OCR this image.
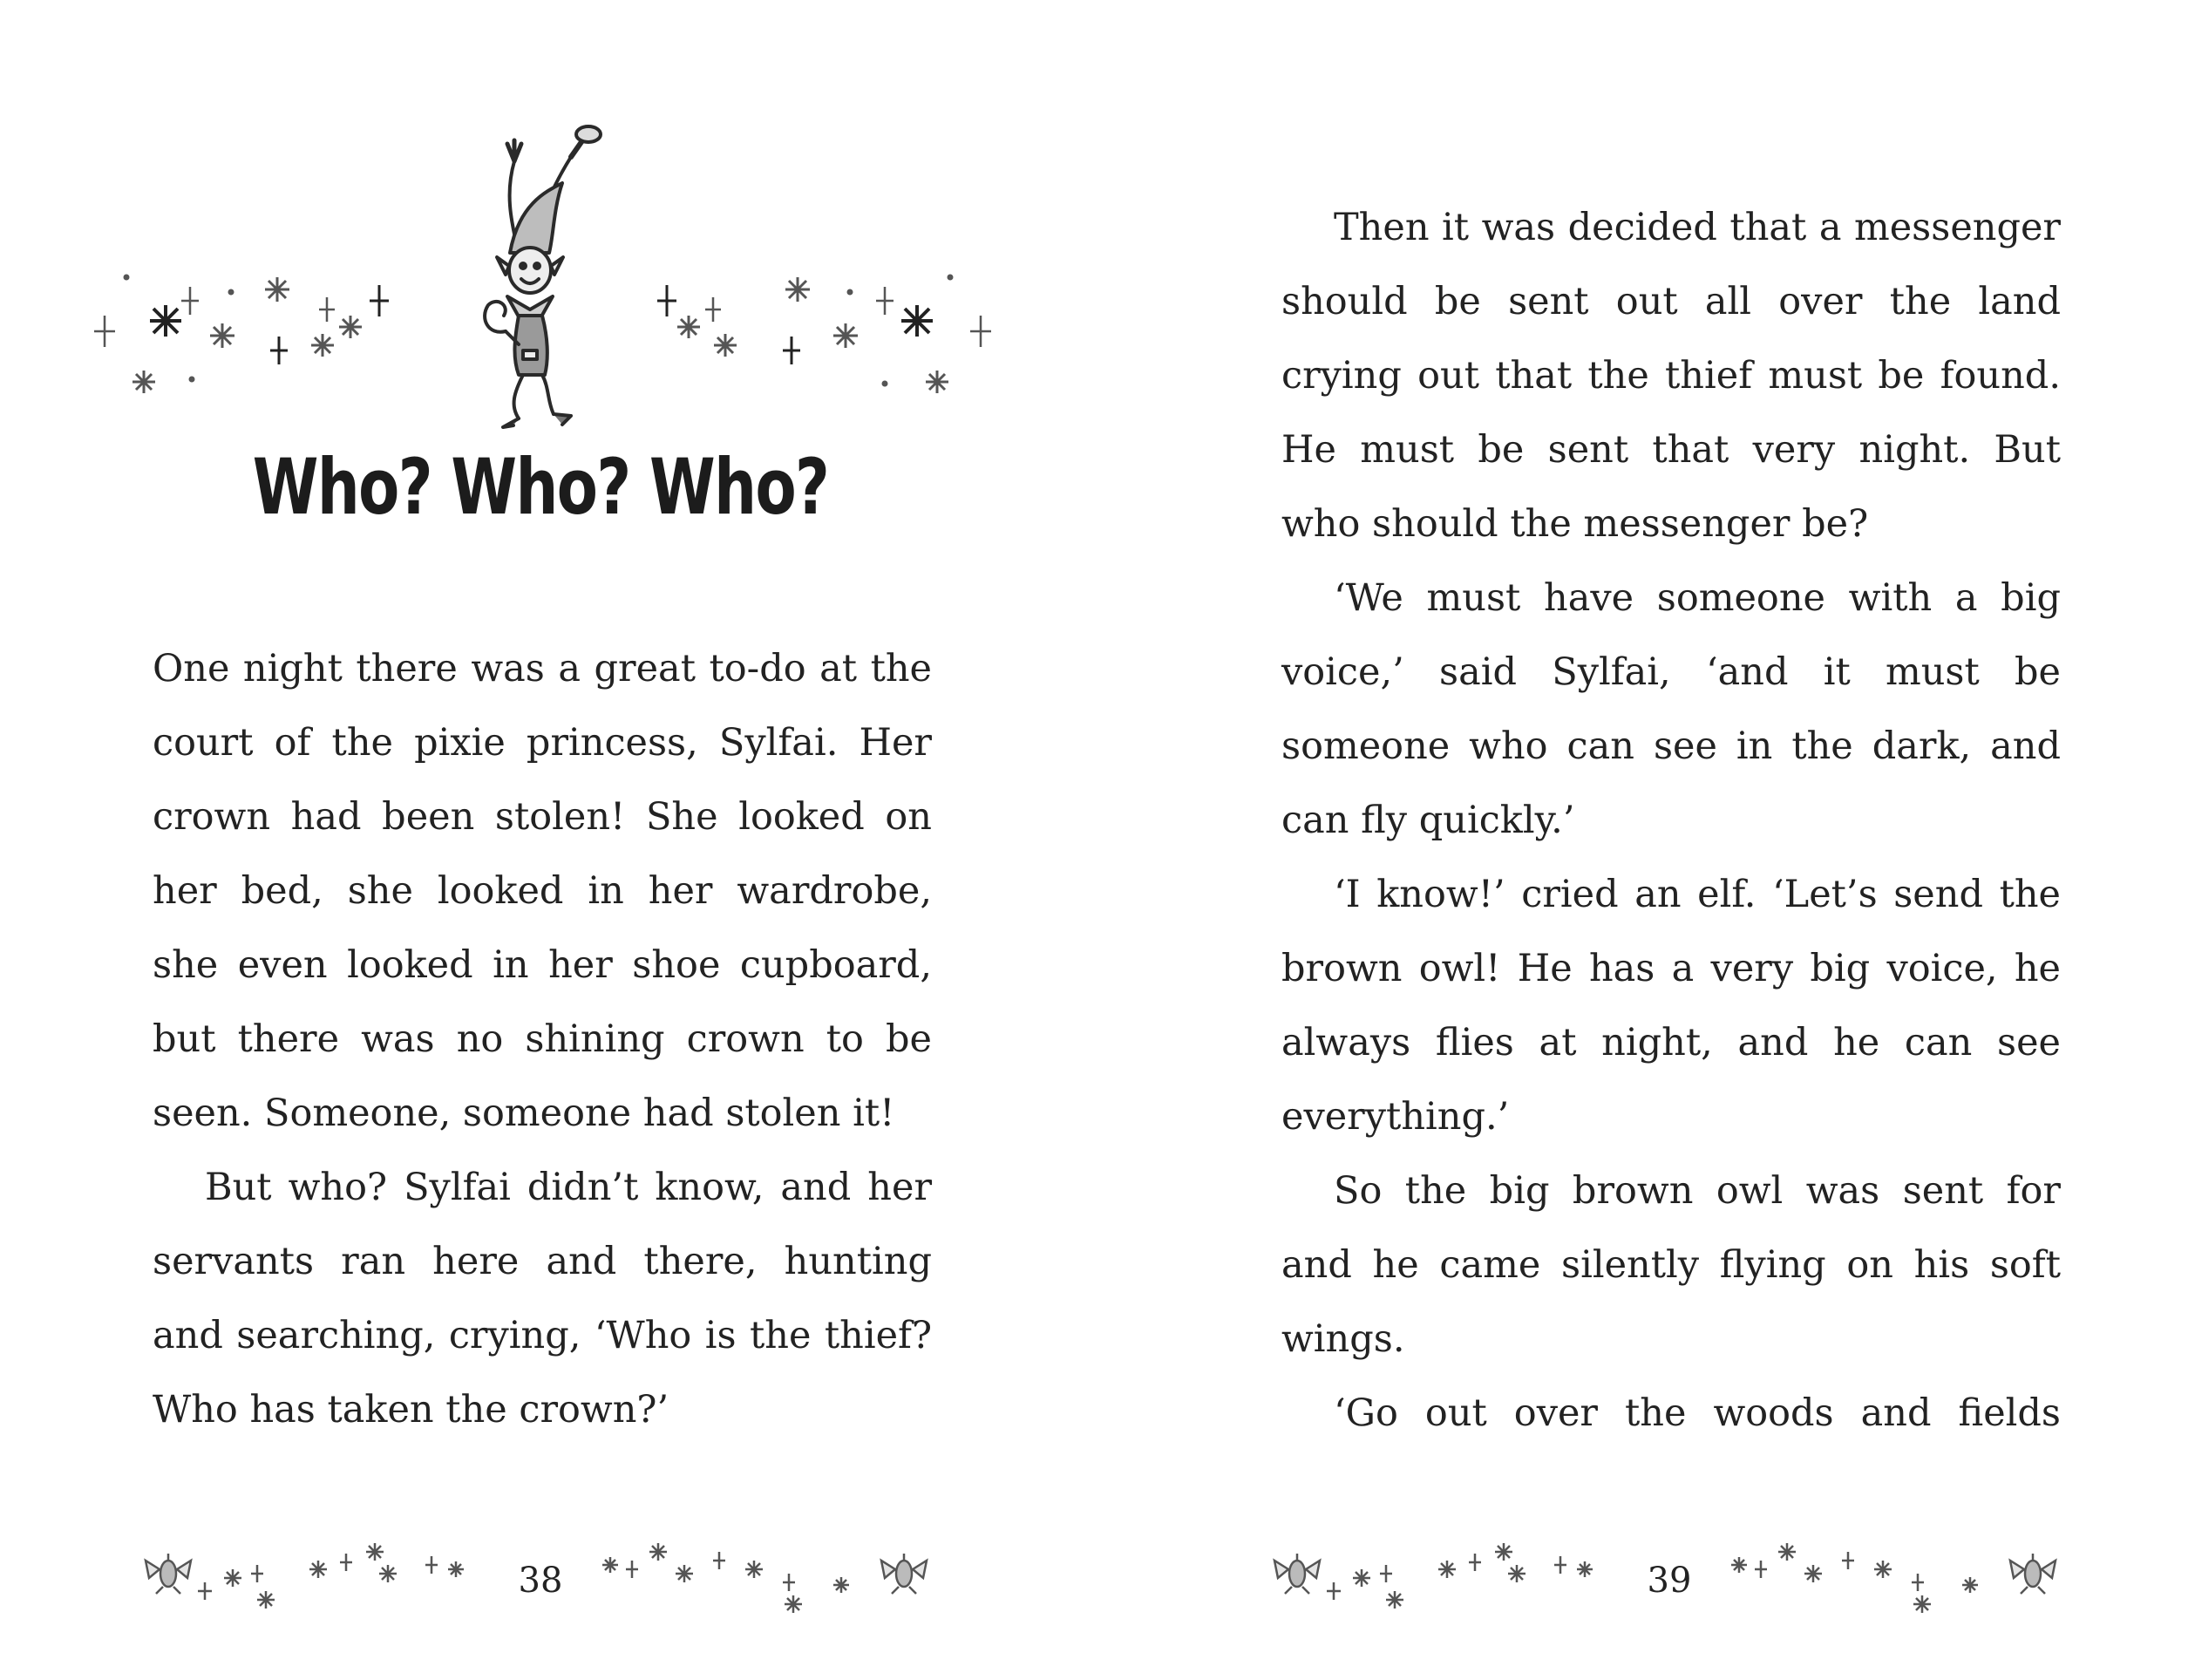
Who? Who? Who?

One night there was a great to-do at the court of the pixie princess, Sylfai. Her crown had been stolen! She looked on her bed, she looked in her wardrobe, she even looked in her shoe cupboard, but there was no shining crown to be seen. Someone, someone had stolen it!

But who? Sylfai didn’t know, and her servants ran here and there, hunting and searching, crying, ‘Who is the thief? Who has taken the crown?’

38

Then it was decided that a messenger should be sent out all over the land crying out that the thief must be found. He must be sent that very night. But who should the messenger be?

‘We must have someone with a big voice,’ said Sylfai, ‘and it must be someone who can see in the dark, and can fly quickly.’

‘I know!’ cried an elf. ‘Let’s send the brown owl! He has a very big voice, he always flies at night, and he can see everything.’

So the big brown owl was sent for and he came silently flying on his soft wings.

‘Go out over the woods and fields

39
